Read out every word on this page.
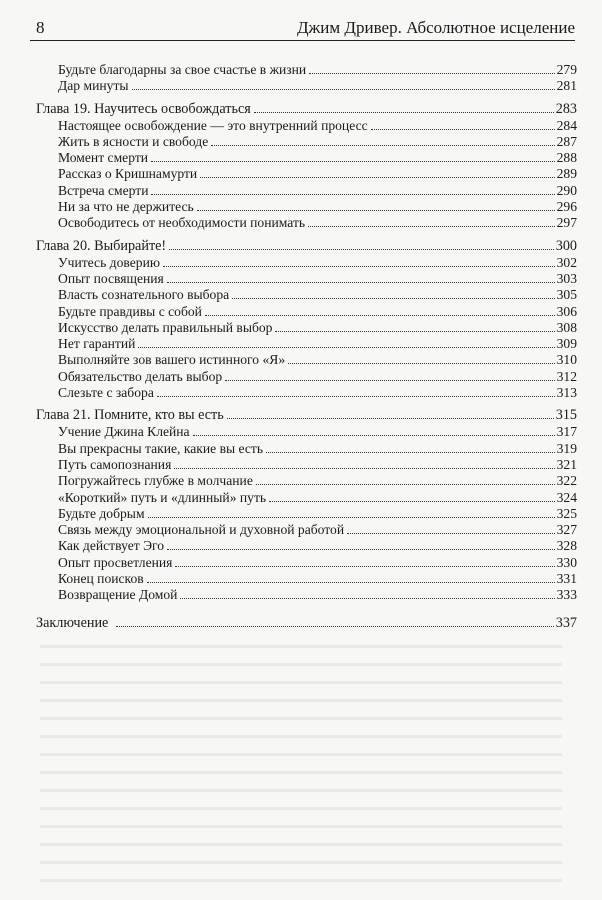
8	Джим Дривер. Абсолютное исцеление
Будьте благодарны за свое счастье в жизни	279
Дар минуты	281
Глава 19. Научитесь освобождаться	283
Настоящее освобождение — это внутренний процесс	284
Жить в ясности и свободе	287
Момент смерти	288
Рассказ о Кришнамурти	289
Встреча смерти	290
Ни за что не держитесь	296
Освободитесь от необходимости понимать	297
Глава 20. Выбирайте!	300
Учитесь доверию	302
Опыт посвящения	303
Власть сознательного выбора	305
Будьте правдивы с собой	306
Искусство делать правильный выбор	308
Нет гарантий	309
Выполняйте зов вашего истинного «Я»	310
Обязательство делать выбор	312
Слезьте с забора	313
Глава 21. Помните, кто вы есть	315
Учение Джина Клейна	317
Вы прекрасны такие, какие вы есть	319
Путь самопознания	321
Погружайтесь глубже в молчание	322
«Короткий» путь и «длинный» путь	324
Будьте добрым	325
Связь между эмоциональной и духовной работой	327
Как действует Эго	328
Опыт просветления	330
Конец поисков	331
Возвращение Домой	333
Заключение	337
